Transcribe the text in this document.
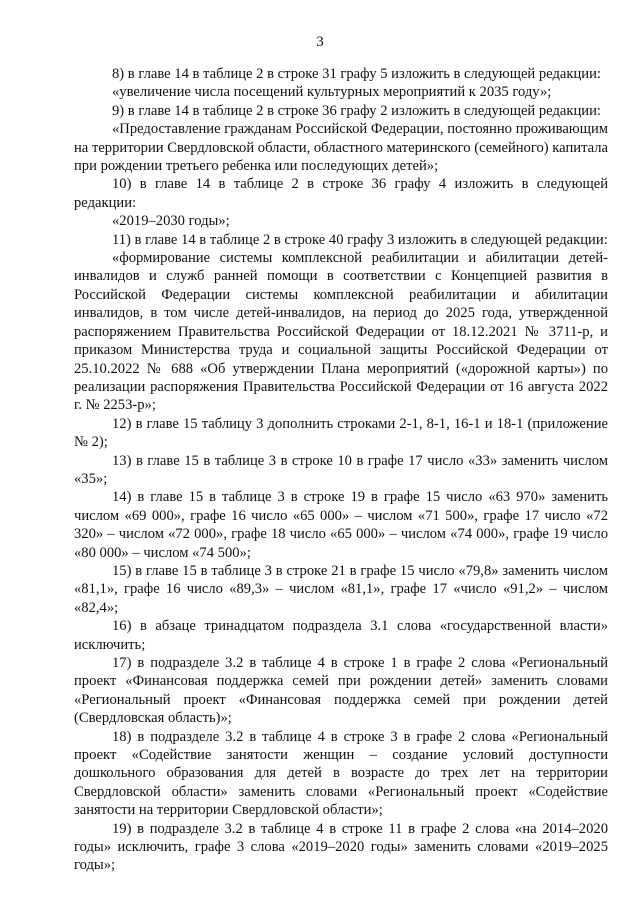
3

8) в главе 14 в таблице 2 в строке 31 графу 5 изложить в следующей редакции:

«увеличение числа посещений культурных мероприятий к 2035 году»;

9) в главе 14 в таблице 2 в строке 36 графу 2 изложить в следующей редакции:

«Предоставление гражданам Российской Федерации, постоянно проживающим на территории Свердловской области, областного материнского (семейного) капитала при рождении третьего ребенка или последующих детей»;

10) в главе 14 в таблице 2 в строке 36 графу 4 изложить в следующей редакции:

«2019–2030 годы»;

11) в главе 14 в таблице 2 в строке 40 графу 3 изложить в следующей редакции:

«формирование системы комплексной реабилитации и абилитации детей-инвалидов и служб ранней помощи в соответствии с Концепцией развития в Российской Федерации системы комплексной реабилитации и абилитации инвалидов, в том числе детей-инвалидов, на период до 2025 года, утвержденной распоряжением Правительства Российской Федерации от 18.12.2021 № 3711-р, и приказом Министерства труда и социальной защиты Российской Федерации от 25.10.2022 № 688 «Об утверждении Плана мероприятий («дорожной карты») по реализации распоряжения Правительства Российской Федерации от 16 августа 2022 г. № 2253-р»;

12) в главе 15 таблицу 3 дополнить строками 2-1, 8-1, 16-1 и 18-1 (приложение № 2);

13) в главе 15 в таблице 3 в строке 10 в графе 17 число «33» заменить числом «35»;

14) в главе 15 в таблице 3 в строке 19 в графе 15 число «63 970» заменить числом «69 000», графе 16 число «65 000» – числом «71 500», графе 17 число «72 320» – числом «72 000», графе 18 число «65 000» – числом «74 000», графе 19 число «80 000» – числом «74 500»;

15) в главе 15 в таблице 3 в строке 21 в графе 15 число «79,8» заменить числом «81,1», графе 16 число «89,3» – числом «81,1», графе 17 «число «91,2» – числом «82,4»;

16) в абзаце тринадцатом подраздела 3.1 слова «государственной власти» исключить;

17) в подразделе 3.2 в таблице 4 в строке 1 в графе 2 слова «Региональный проект «Финансовая поддержка семей при рождении детей» заменить словами «Региональный проект «Финансовая поддержка семей при рождении детей (Свердловская область)»;

18) в подразделе 3.2 в таблице 4 в строке 3 в графе 2 слова «Региональный проект «Содействие занятости женщин – создание условий доступности дошкольного образования для детей в возрасте до трех лет на территории Свердловской области» заменить словами «Региональный проект «Содействие занятости на территории Свердловской области»;

19) в подразделе 3.2 в таблице 4 в строке 11 в графе 2 слова «на 2014–2020 годы» исключить, графе 3 слова «2019–2020 годы» заменить словами «2019–2025 годы»;
